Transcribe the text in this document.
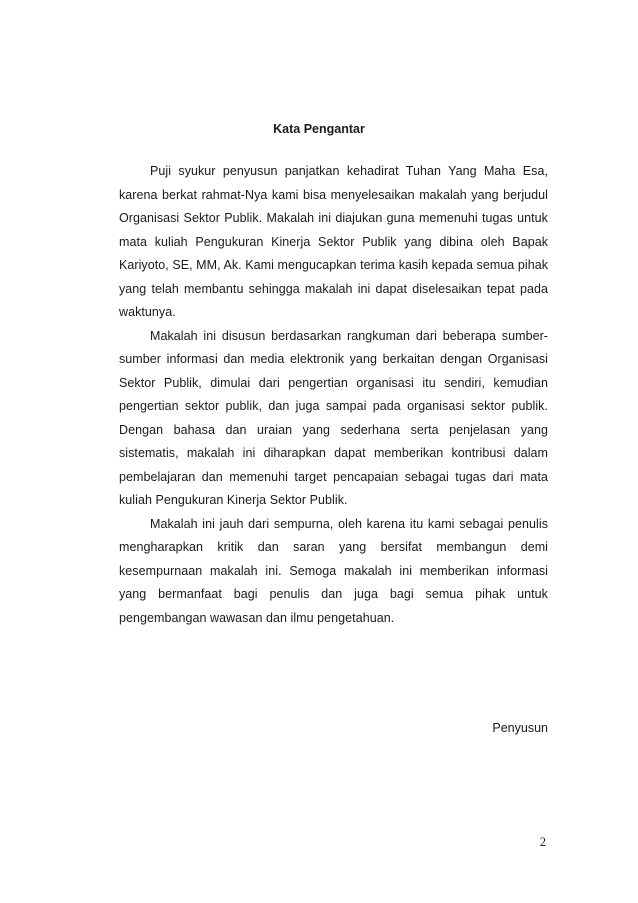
Kata Pengantar

Puji syukur penyusun panjatkan kehadirat Tuhan Yang Maha Esa, karena berkat rahmat-Nya kami bisa menyelesaikan makalah yang berjudul Organisasi Sektor Publik. Makalah ini diajukan guna memenuhi tugas untuk mata kuliah Pengukuran Kinerja Sektor Publik yang dibina oleh Bapak Kariyoto, SE, MM, Ak. Kami mengucapkan terima kasih kepada semua pihak yang telah membantu sehingga makalah ini dapat diselesaikan tepat pada waktunya.

Makalah ini disusun berdasarkan rangkuman dari beberapa sumber-sumber informasi dan media elektronik yang berkaitan dengan Organisasi Sektor Publik, dimulai dari pengertian organisasi itu sendiri, kemudian pengertian sektor publik, dan juga sampai pada organisasi sektor publik. Dengan bahasa dan uraian yang sederhana serta penjelasan yang sistematis, makalah ini diharapkan dapat memberikan kontribusi dalam pembelajaran dan memenuhi target pencapaian sebagai tugas dari mata kuliah Pengukuran Kinerja Sektor Publik.

Makalah ini jauh dari sempurna, oleh karena itu kami sebagai penulis mengharapkan kritik dan saran yang bersifat membangun demi kesempurnaan makalah ini. Semoga makalah ini memberikan informasi yang bermanfaat bagi penulis dan juga bagi semua pihak untuk pengembangan wawasan dan ilmu pengetahuan.

Penyusun
2
